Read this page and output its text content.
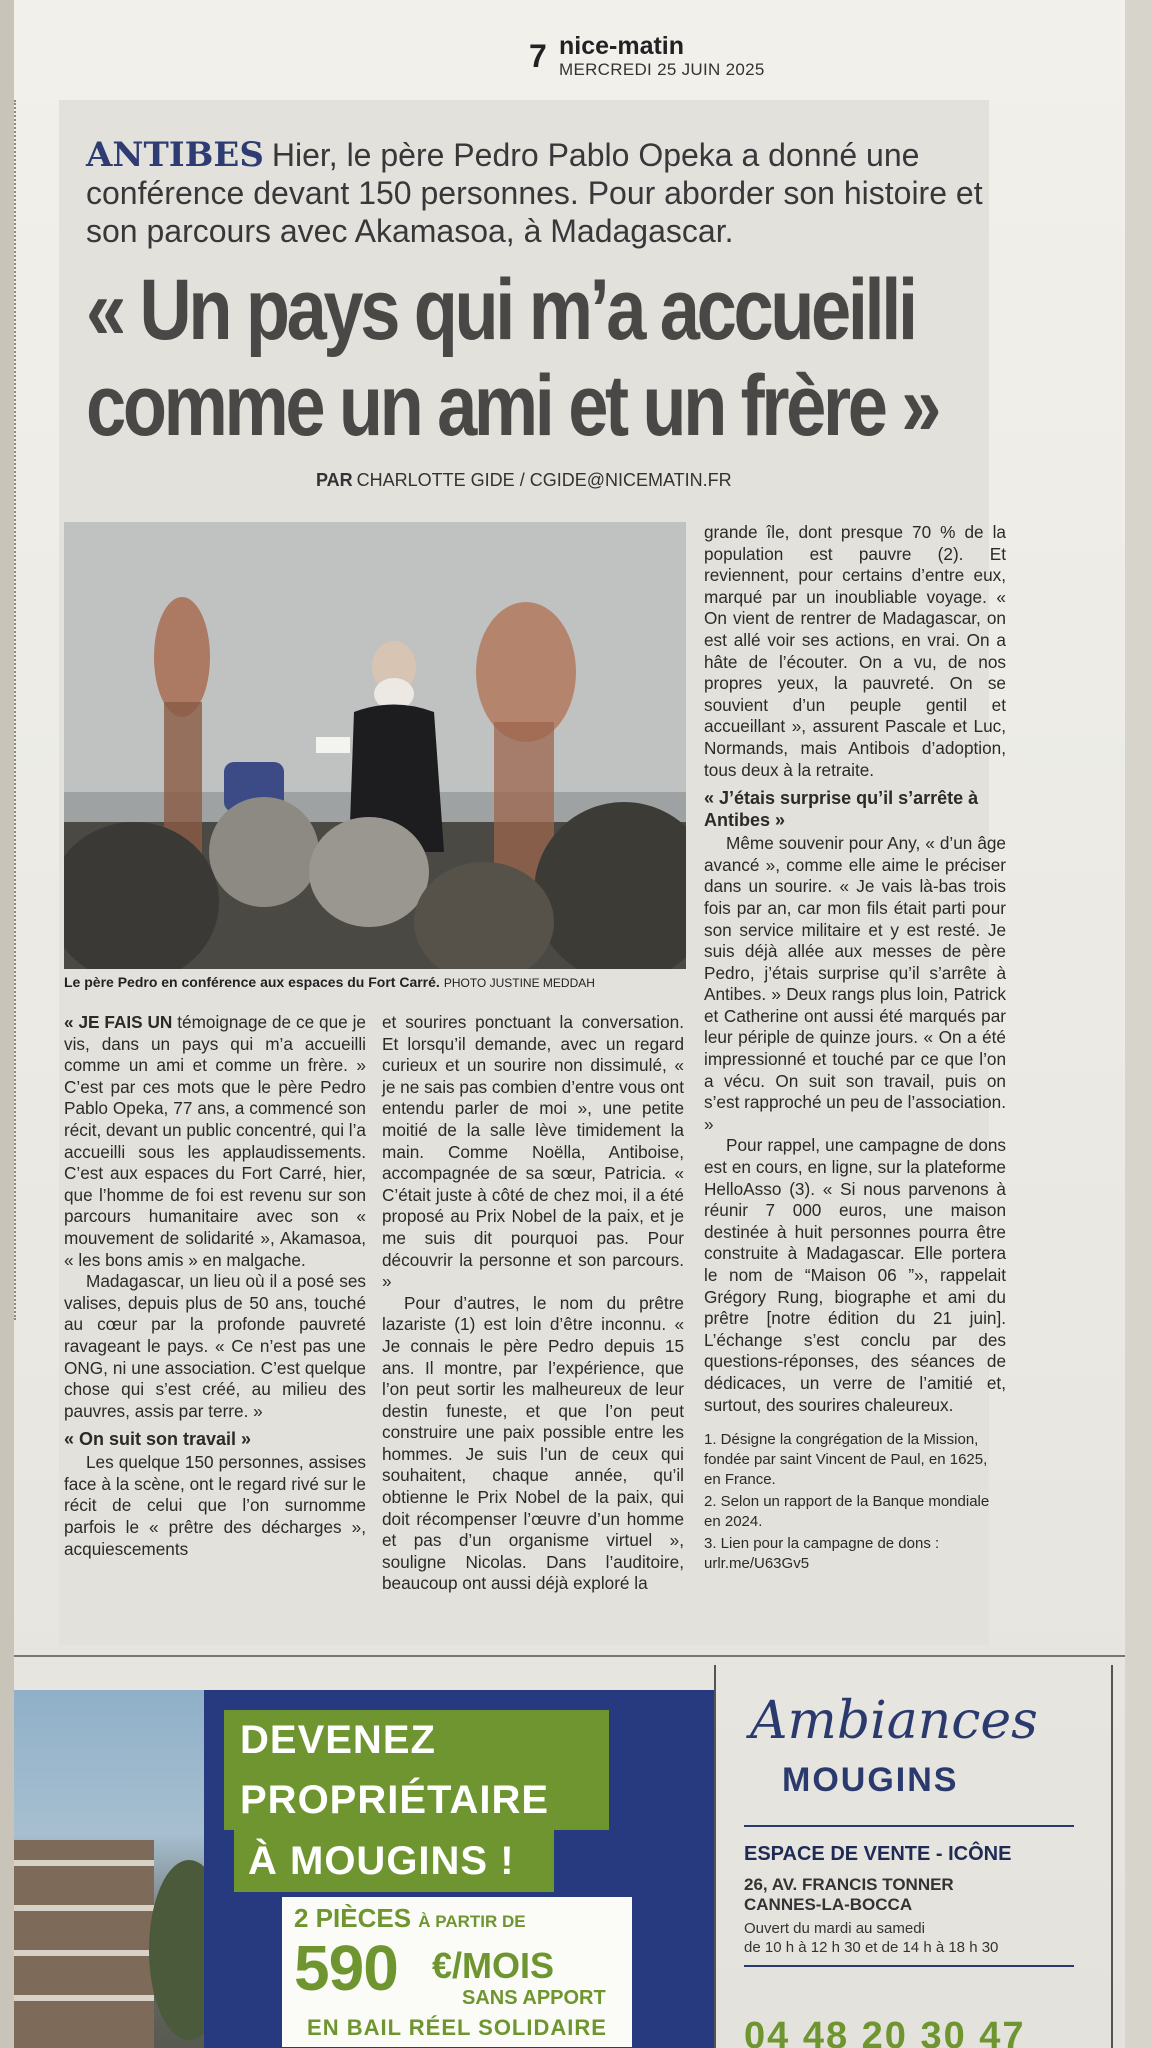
7 nice-matin
MERCREDI 25 JUIN 2025
ANTIBES Hier, le père Pedro Pablo Opeka a donné une conférence devant 150 personnes. Pour aborder son histoire et son parcours avec Akamasoa, à Madagascar.
« Un pays qui m’a accueilli
comme un ami et un frère »
PAR CHARLOTTE GIDE / CGIDE@NICEMATIN.FR
Le père Pedro en conférence aux espaces du Fort Carré. PHOTO JUSTINE MEDDAH

« JE FAIS UN témoignage de ce que je vis, dans un pays qui m’a accueilli comme un ami et comme un frère. » C’est par ces mots que le père Pedro Pablo Opeka, 77 ans, a commencé son récit, devant un public concentré, qui l’a accueilli sous les applaudissements. C’est aux espaces du Fort Carré, hier, que l’homme de foi est revenu sur son parcours humanitaire avec son « mouvement de solidarité », Akamasoa, « les bons amis » en malgache.

Madagascar, un lieu où il a posé ses valises, depuis plus de 50 ans, touché au cœur par la profonde pauvreté ravageant le pays. « Ce n’est pas une ONG, ni une association. C’est quelque chose qui s’est créé, au milieu des pauvres, assis par terre. »

« On suit son travail »

Les quelque 150 personnes, assises face à la scène, ont le regard rivé sur le récit de celui que l’on surnomme parfois le « prêtre des décharges », acquiescements

et sourires ponctuant la conversation. Et lorsqu’il demande, avec un regard curieux et un sourire non dissimulé, « je ne sais pas combien d’entre vous ont entendu parler de moi », une petite moitié de la salle lève timidement la main. Comme Noëlla, Antiboise, accompagnée de sa sœur, Patricia. « C’était juste à côté de chez moi, il a été proposé au Prix Nobel de la paix, et je me suis dit pourquoi pas. Pour découvrir la personne et son parcours. »

Pour d’autres, le nom du prêtre lazariste (1) est loin d’être inconnu. « Je connais le père Pedro depuis 15 ans. Il montre, par l’expérience, que l’on peut sortir les malheureux de leur destin funeste, et que l’on peut construire une paix possible entre les hommes. Je suis l’un de ceux qui souhaitent, chaque année, qu’il obtienne le Prix Nobel de la paix, qui doit récompenser l’œuvre d’un homme et pas d’un organisme virtuel », souligne Nicolas. Dans l’auditoire, beaucoup ont aussi déjà exploré la

grande île, dont presque 70 % de la population est pauvre (2). Et reviennent, pour certains d’entre eux, marqué par un inoubliable voyage. « On vient de rentrer de Madagascar, on est allé voir ses actions, en vrai. On a hâte de l’écouter. On a vu, de nos propres yeux, la pauvreté. On se souvient d’un peuple gentil et accueillant », assurent Pascale et Luc, Normands, mais Antibois d’adoption, tous deux à la retraite.

« J’étais surprise qu’il s’arrête à Antibes »

Même souvenir pour Any, « d’un âge avancé », comme elle aime le préciser dans un sourire. « Je vais là-bas trois fois par an, car mon fils était parti pour son service militaire et y est resté. Je suis déjà allée aux messes de père Pedro, j’étais surprise qu’il s’arrête à Antibes. » Deux rangs plus loin, Patrick et Catherine ont aussi été marqués par leur périple de quinze jours. « On a été impressionné et touché par ce que l’on a vécu. On suit son travail, puis on s’est rapproché un peu de l’association. »

Pour rappel, une campagne de dons est en cours, en ligne, sur la plateforme HelloAsso (3). « Si nous parvenons à réunir 7 000 euros, une maison destinée à huit personnes pourra être construite à Madagascar. Elle portera le nom de “Maison 06 ”», rappelait Grégory Rung, biographe et ami du prêtre [notre édition du 21 juin]. L’échange s’est conclu par des questions-réponses, des séances de dédicaces, un verre de l’amitié et, surtout, des sourires chaleureux.

1. Désigne la congrégation de la Mission, fondée par saint Vincent de Paul, en 1625, en France.

2. Selon un rapport de la Banque mondiale en 2024.

3. Lien pour la campagne de dons : urlr.me/U63Gv5

DEVENEZ
PROPRIÉTAIRE
À MOUGINS !
2 PIÈCES À PARTIR DE
590 €/MOIS
SANS APPORT
EN BAIL RÉEL SOLIDAIRE
Ambiances
MOUGINS
ESPACE DE VENTE - ICÔNE
26, AV. FRANCIS TONNER
CANNES-LA-BOCCA
Ouvert du mardi au samedi
de 10 h à 12 h 30 et de 14 h à 18 h 30
04 48 20 30 47
